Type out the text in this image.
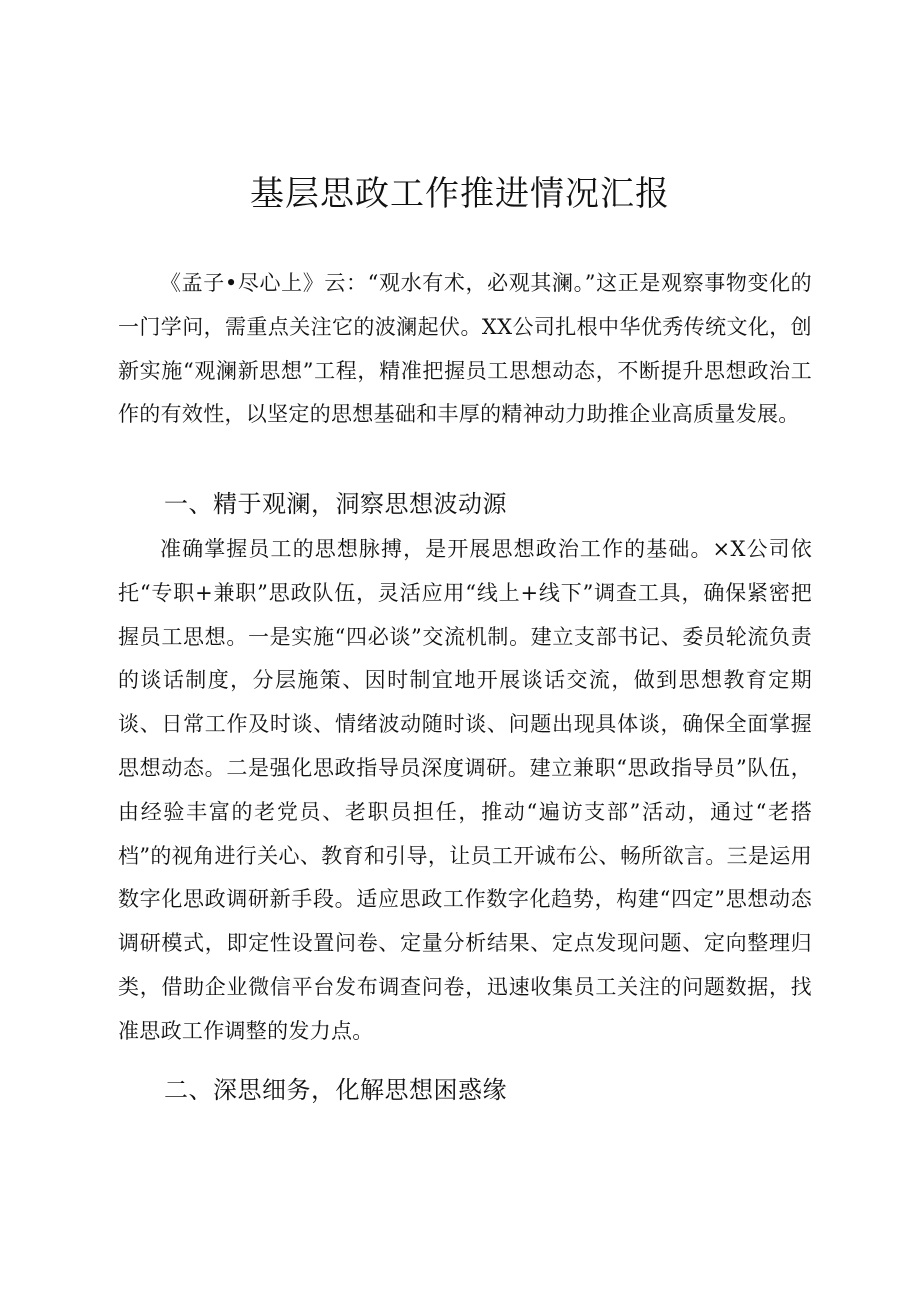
基层思政工作推进情况汇报

《孟子•尽心上》云：“观水有术，必观其澜。”这正是观察事物变化的一门学问，需重点关注它的波澜起伏。XX公司扎根中华优秀传统文化，创新实施“观澜新思想”工程，精准把握员工思想动态，不断提升思想政治工作的有效性，以坚定的思想基础和丰厚的精神动力助推企业高质量发展。

一、精于观澜，洞察思想波动源

准确掌握员工的思想脉搏，是开展思想政治工作的基础。×X公司依托“专职+兼职”思政队伍，灵活应用“线上+线下”调查工具，确保紧密把握员工思想。一是实施“四必谈”交流机制。建立支部书记、委员轮流负责的谈话制度，分层施策、因时制宜地开展谈话交流，做到思想教育定期谈、日常工作及时谈、情绪波动随时谈、问题出现具体谈，确保全面掌握思想动态。二是强化思政指导员深度调研。建立兼职“思政指导员”队伍，由经验丰富的老党员、老职员担任，推动“遍访支部”活动，通过“老搭档”的视角进行关心、教育和引导，让员工开诚布公、畅所欲言。三是运用数字化思政调研新手段。适应思政工作数字化趋势，构建“四定”思想动态调研模式，即定性设置问卷、定量分析结果、定点发现问题、定向整理归类，借助企业微信平台发布调查问卷，迅速收集员工关注的问题数据，找准思政工作调整的发力点。

二、深思细务，化解思想困惑缘
